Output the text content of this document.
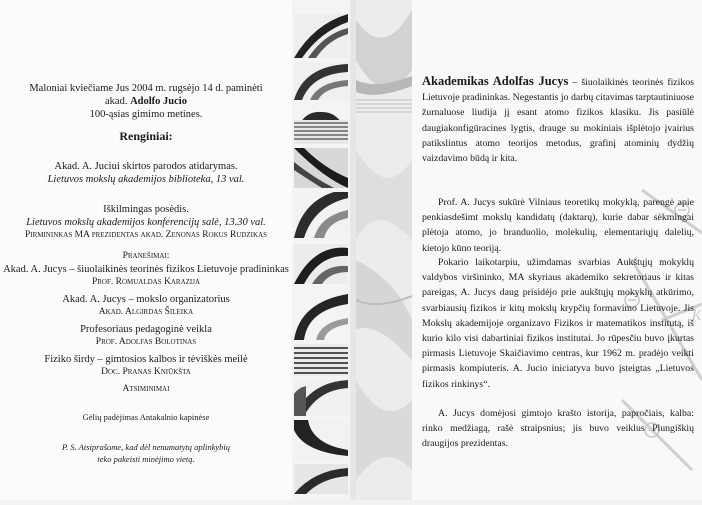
Maloniai kviečiame Jus 2004 m. rugsėjo 14 d. paminėti
akad. Adolfo Jucio
100-ąsias gimimo metines.
Renginiai:
Akad. A. Juciui skirtos parodos atidarymas.
Lietuvos mokslų akademijos biblioteka, 13 val.
Iškilmingas posėdis.
Lietuvos mokslų akademijos konferencijų salė, 13.30 val.
Pirmininkas MA prezidentas akad. Zenonas Rokus Rudzikas
Pranešimai:
Akad. A. Jucys – šiuolaikinės teorinės fizikos Lietuvoje pradininkas
Prof. Romualdas Karazija
Akad. A. Jucys – mokslo organizatorius
Akad. Algirdas Šileika
Profesoriaus pedagoginė veikla
Prof. Adolfas Bolotinas
Fiziko širdy – gimtosios kalbos ir tėviškės meilė
Doc. Pranas Kniūkšta
Atsiminimai
Gėlių padėjimas Antakalnio kapinėse
P. S. Atsiprašome, kad dėl nenumatytų aplinkybių
teko pakeisti minėjimo vietą.
k
Akademikas Adolfas Jucys – šiuolaikinės teorinės fizikos Lietuvoje pradininkas. Negestantis jo darbų citavimas tarptautiniuose žurnaluose liudija jį esant atomo fizikos klasiku. Jis pasiūlė daugiakonfigūracines lygtis, drauge su mokiniais išplėtojo įvairius patikslintus atomo teorijos metodus, grafinį atominių dydžių vaizdavimo būdą ir kita.
Prof. A. Jucys sukūrė Vilniaus teoretikų mokyklą, parengė apie penkiasdešimt mokslų kandidatų (daktarų), kurie dabar sėkmingai plėtoja atomo, jo branduolio, molekulių, elementariųjų dalelių, kietojo kūno teoriją.
Pokario laikotarpiu, užimdamas svarbias Aukštųjų mokyklų valdybos viršininko, MA skyriaus akademiko sekretoriaus ir kitas pareigas, A. Jucys daug prisidėjo prie aukštųjų mokyklų atkūrimo, svarbiausių fizikos ir kitų mokslų krypčių formavimo Lietuvoje. Jis Mokslų akademijoje organizavo Fizikos ir matematikos institutą, iš kurio kilo visi dabartiniai fizikos institutai. Jo rūpesčiu buvo įkurtas pirmasis Lietuvoje Skaičiavimo centras, kur 1962 m. pradėjo veikti pirmasis kompiuteris. A. Jucio iniciatyva buvo įsteigtas „Lietuvos fizikos rinkinys“.
A. Jucys domėjosi gimtojo krašto istorija, papročiais, kalba: rinko medžiagą, rašė straipsnius; jis buvo veiklus Plungiškių draugijos prezidentas.
